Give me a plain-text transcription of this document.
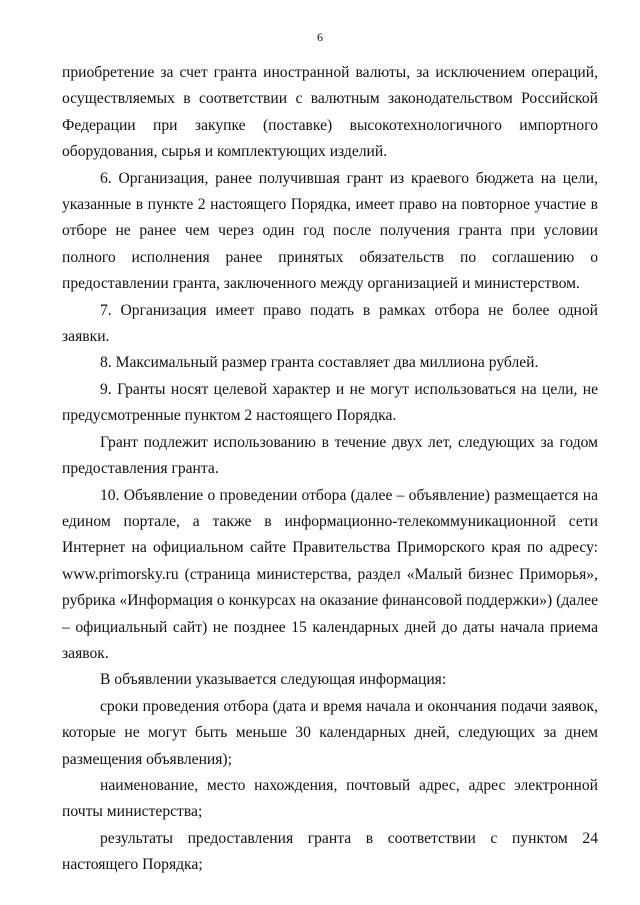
6

приобретение за счет гранта иностранной валюты, за исключением операций, осуществляемых в соответствии с валютным законодательством Российской Федерации при закупке (поставке) высокотехнологичного импортного оборудования, сырья и комплектующих изделий.

6. Организация, ранее получившая грант из краевого бюджета на цели, указанные в пункте 2 настоящего Порядка, имеет право на повторное участие в отборе не ранее чем через один год после получения гранта при условии полного исполнения ранее принятых обязательств по соглашению о предоставлении гранта, заключенного между организацией и министерством.

7. Организация имеет право подать в рамках отбора не более одной заявки.

8. Максимальный размер гранта составляет два миллиона рублей.

9. Гранты носят целевой характер и не могут использоваться на цели, не предусмотренные пунктом 2 настоящего Порядка.

Грант подлежит использованию в течение двух лет, следующих за годом предоставления гранта.

10. Объявление о проведении отбора (далее – объявление) размещается на едином портале, а также в информационно-телекоммуникационной сети Интернет на официальном сайте Правительства Приморского края по адресу: www.primorsky.ru (страница министерства, раздел «Малый бизнес Приморья», рубрика «Информация о конкурсах на оказание финансовой поддержки») (далее – официальный сайт) не позднее 15 календарных дней до даты начала приема заявок.

В объявлении указывается следующая информация:

сроки проведения отбора (дата и время начала и окончания подачи заявок, которые не могут быть меньше 30 календарных дней, следующих за днем размещения объявления);

наименование, место нахождения, почтовый адрес, адрес электронной почты министерства;

результаты предоставления гранта в соответствии с пунктом 24 настоящего Порядка;
